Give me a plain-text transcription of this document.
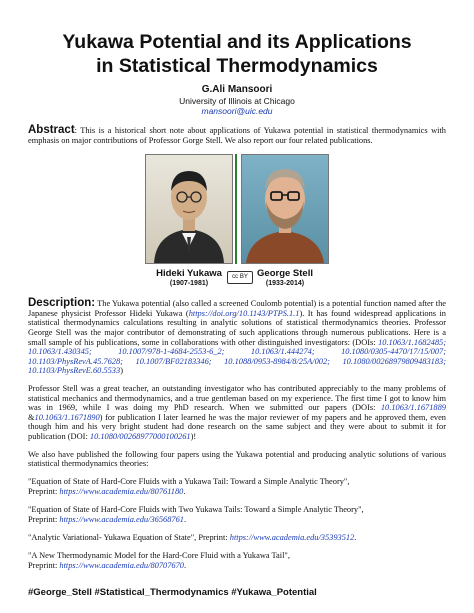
Yukawa Potential and its Applications
in Statistical Thermodynamics
G.Ali Mansoori
University of Illinois at Chicago
mansoori@uic.edu

Abstract: This is a historical short note about applications of Yukawa potential in statistical thermodynamics with emphasis on major contributions of Professor Gorge Stell. We also report our four related publications.

Hideki Yukawa
(1907-1981)
cc BY George Stell
(1933-2014)

Description: The Yukawa potential (also called a screened Coulomb potential) is a potential function named after the Japanese physicist Professor Hideki Yukawa (https://doi.org/10.1143/PTPS.1.1). It has found widespread applications in statistical thermodynamics calculations resulting in analytic solutions of statistical thermodynamics theories. Professor George Stell was the major contributor of demonstrating of such applications through numerous publications. Here is a small sample of his publications, some in collaborations with other distinguished investigators: (DOIs: 10.1063/1.1682485; 10.1063/1.430345; 10.1007/978-1-4684-2553-6_2; 10.1063/1.444274; 10.1080/0305-4470/17/15/007; 10.1103/PhysRevA.45.7628; 10.1007/BF02183346; 10.1088/0953-8984/8/25A/002; 10.1080/00268979809483183; 10.1103/PhysRevE.60.5533)

Professor Stell was a great teacher, an outstanding investigator who has contributed appreciably to the many problems of statistical mechanics and thermodynamics, and a true gentleman based on my experience. The first time I got to know him was in 1969, while I was doing my PhD research. When we submitted our papers (DOIs: 10.1063/1.1671889 &10.1063/1.1671890) for publication I later learned he was the major reviewer of my papers and he approved them, even though him and his very bright student had done research on the same subject and they were about to submit it for publication (DOI: 10.1080/00268977000100261)!

We also have published the following four papers using the Yukawa potential and producing analytic solutions of various statistical thermodynamics theories:

"Equation of State of Hard-Core Fluids with a Yukawa Tail: Toward a Simple Analytic Theory",
Preprint: https://www.academia.edu/80761180.

"Equation of State of Hard-Core Fluids with Two Yukawa Tails: Toward a Simple Analytic Theory",
Preprint: https://www.academia.edu/36568761.

"Analytic Variational- Yukawa Equation of State", Preprint: https://www.academia.edu/35393512.

"A New Thermodynamic Model for the Hard-Core Fluid with a Yukawa Tail",
Preprint: https://www.academia.edu/80707670.

#George_Stell #Statistical_Thermodynamics #Yukawa_Potential
